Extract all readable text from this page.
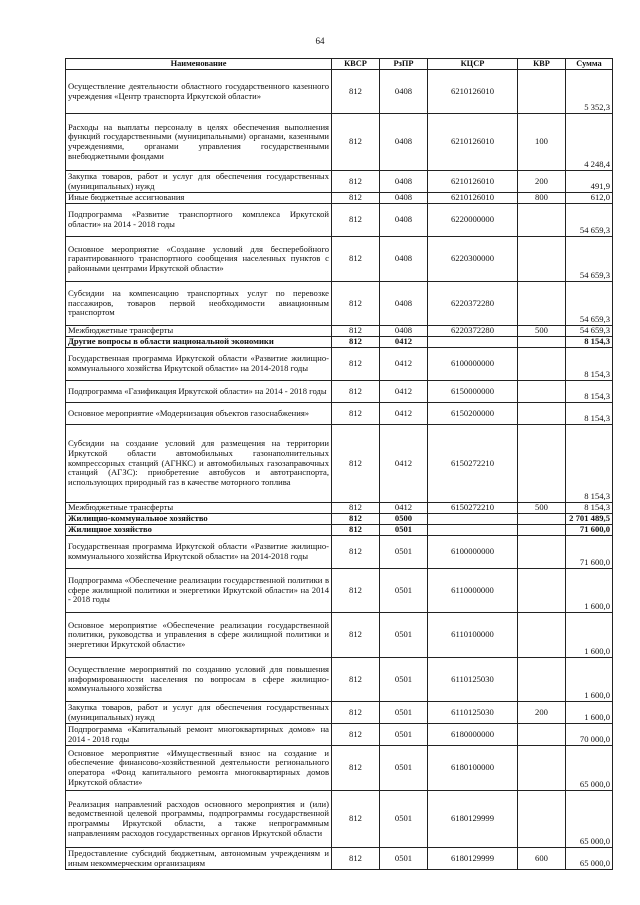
64
Наименование	КВСР	РзПР	КЦСР	КВР	Сумма
Осуществление деятельности областного государственного казенного учреждения «Центр транспорта Иркутской области»	812	0408	6210126010		5 352,3
Расходы на выплаты персоналу в целях обеспечения выполнения функций государственными (муниципальными) органами, казенными учреждениями, органами управления государственными внебюджетными фондами	812	0408	6210126010	100	4 248,4
Закупка товаров, работ и услуг для обеспечения государственных (муниципальных) нужд	812	0408	6210126010	200	491,9
Иные бюджетные ассигнования	812	0408	6210126010	800	612,0
Подпрограмма «Развитие транспортного комплекса Иркутской области» на 2014 - 2018 годы	812	0408	6220000000		54 659,3
Основное мероприятие «Создание условий для бесперебойного гарантированного транспортного сообщения населенных пунктов с районными центрами Иркутской области»	812	0408	6220300000		54 659,3
Субсидии на компенсацию транспортных услуг по перевозке пассажиров, товаров первой необходимости авиационным транспортом	812	0408	6220372280		54 659,3
Межбюджетные трансферты	812	0408	6220372280	500	54 659,3
Другие вопросы в области национальной экономики	812	0412			8 154,3
Государственная программа Иркутской области «Развитие жилищно-коммунального хозяйства Иркутской области» на 2014-2018 годы	812	0412	6100000000		8 154,3
Подпрограмма «Газификация Иркутской области» на 2014 - 2018 годы	812	0412	6150000000		8 154,3
Основное мероприятие «Модернизация объектов газоснабжения»	812	0412	6150200000		8 154,3
Субсидии на создание условий для размещения на территории Иркутской области автомобильных газонаполнительных компрессорных станций (АГНКС) и автомобильных газозаправочных станций (АГЗС): приобретение автобусов и автотранспорта, использующих природный газ в качестве моторного топлива	812	0412	6150272210		8 154,3
Межбюджетные трансферты	812	0412	6150272210	500	8 154,3
Жилищно-коммунальное хозяйство	812	0500			2 701 489,5
Жилищное хозяйство	812	0501			71 600,0
Государственная программа Иркутской области «Развитие жилищно-коммунального хозяйства Иркутской области» на 2014-2018 годы	812	0501	6100000000		71 600,0
Подпрограмма «Обеспечение реализации государственной политики в сфере жилищной политики и энергетики Иркутской области» на 2014 - 2018 годы	812	0501	6110000000		1 600,0
Основное мероприятие «Обеспечение реализации государственной политики, руководства и управления в сфере жилищной политики и энергетики Иркутской области»	812	0501	6110100000		1 600,0
Осуществление мероприятий по созданию условий для повышения информированности населения по вопросам в сфере жилищно-коммунального хозяйства	812	0501	6110125030		1 600,0
Закупка товаров, работ и услуг для обеспечения государственных (муниципальных) нужд	812	0501	6110125030	200	1 600,0
Подпрограмма «Капитальный ремонт многоквартирных домов» на 2014 - 2018 годы	812	0501	6180000000		70 000,0
Основное мероприятие «Имущественный взнос на создание и обеспечение финансово-хозяйственной деятельности регионального оператора «Фонд капитального ремонта многоквартирных домов Иркутской области»	812	0501	6180100000		65 000,0
Реализация направлений расходов основного мероприятия и (или) ведомственной целевой программы, подпрограммы государственной программы Иркутской области, а также непрограммным направлениям расходов государственных органов Иркутской области	812	0501	6180129999		65 000,0
Предоставление субсидий бюджетным, автономным учреждениям и иным некоммерческим организациям	812	0501	6180129999	600	65 000,0
